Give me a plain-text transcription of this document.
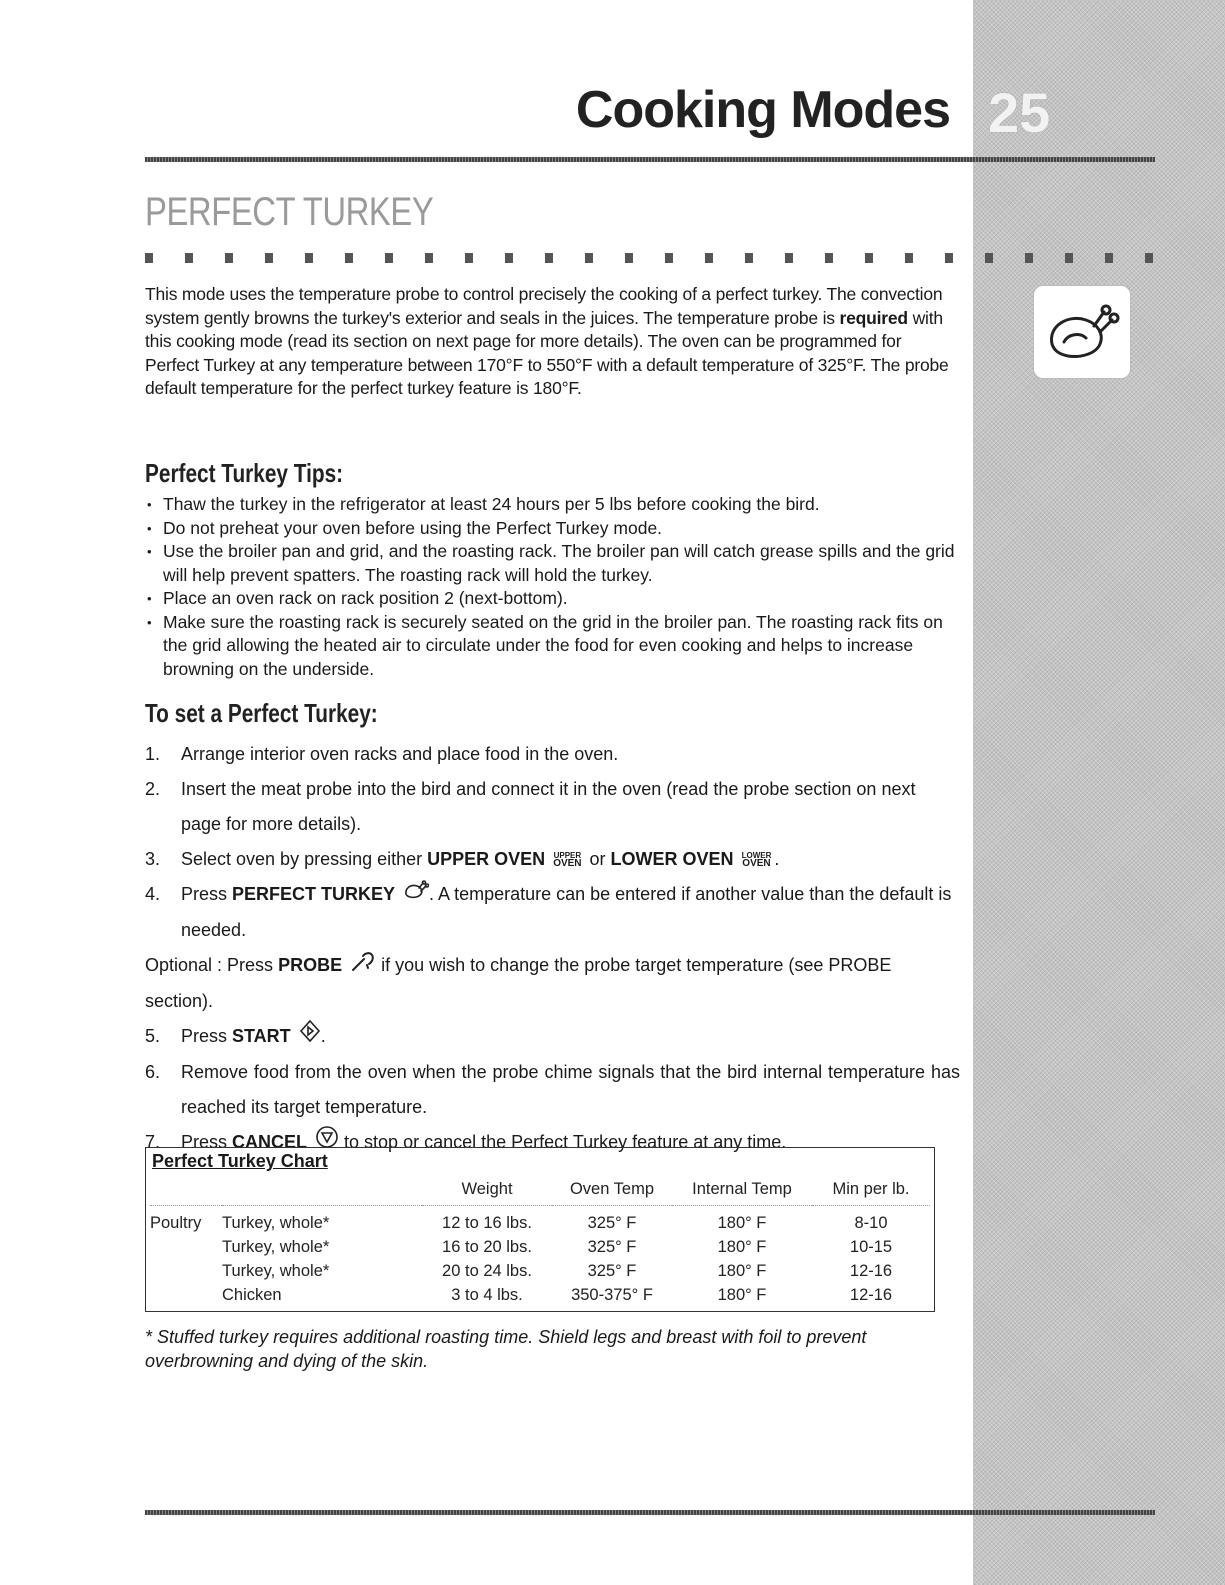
Cooking Modes 25
PERFECT TURKEY

This mode uses the temperature probe to control precisely the cooking of a perfect turkey. The convection system gently browns the turkey's exterior and seals in the juices. The temperature probe is required with this cooking mode (read its section on next page for more details). The oven can be programmed for Perfect Turkey at any temperature between 170°F to 550°F with a default temperature of 325°F. The probe default temperature for the perfect turkey feature is 180°F.

Perfect Turkey Tips:
• Thaw the turkey in the refrigerator at least 24 hours per 5 lbs before cooking the bird.
• Do not preheat your oven before using the Perfect Turkey mode.
• Use the broiler pan and grid, and the roasting rack. The broiler pan will catch grease spills and the grid will help prevent spatters. The roasting rack will hold the turkey.
• Place an oven rack on rack position 2 (next-bottom).
• Make sure the roasting rack is securely seated on the grid in the broiler pan. The roasting rack fits on the grid allowing the heated air to circulate under the food for even cooking and helps to increase browning on the underside.
To set a Perfect Turkey:
1. Arrange interior oven racks and place food in the oven.
2. Insert the meat probe into the bird and connect it in the oven (read the probe section on next page for more details).
3. Select oven by pressing either UPPER OVEN UPPER
OVEN or LOWER OVEN LOWER
OVEN .
4. Press PERFECT TURKEY . A temperature can be entered if another value than the default is needed.
Optional : Press PROBE  if you wish to change the probe target temperature (see PROBE section).
5. Press START .
6. Remove food from the oven when the probe chime signals that the bird internal temperature has reached its target temperature.
7. Press CANCEL  to stop or cancel the Perfect Turkey feature at any time.
Perfect Turkey Chart
		Weight	Oven Temp	Internal Temp	Min per lb.
Poultry	Turkey, whole*	12 to 16 lbs.	325° F	180° F	8-10
	Turkey, whole*	16 to 20 lbs.	325° F	180° F	10-15
	Turkey, whole*	20 to 24 lbs.	325° F	180° F	12-16
	Chicken	3 to 4 lbs.	350-375° F	180° F	12-16

* Stuffed turkey requires additional roasting time. Shield legs and breast with foil to prevent overbrowning and dying of the skin.
